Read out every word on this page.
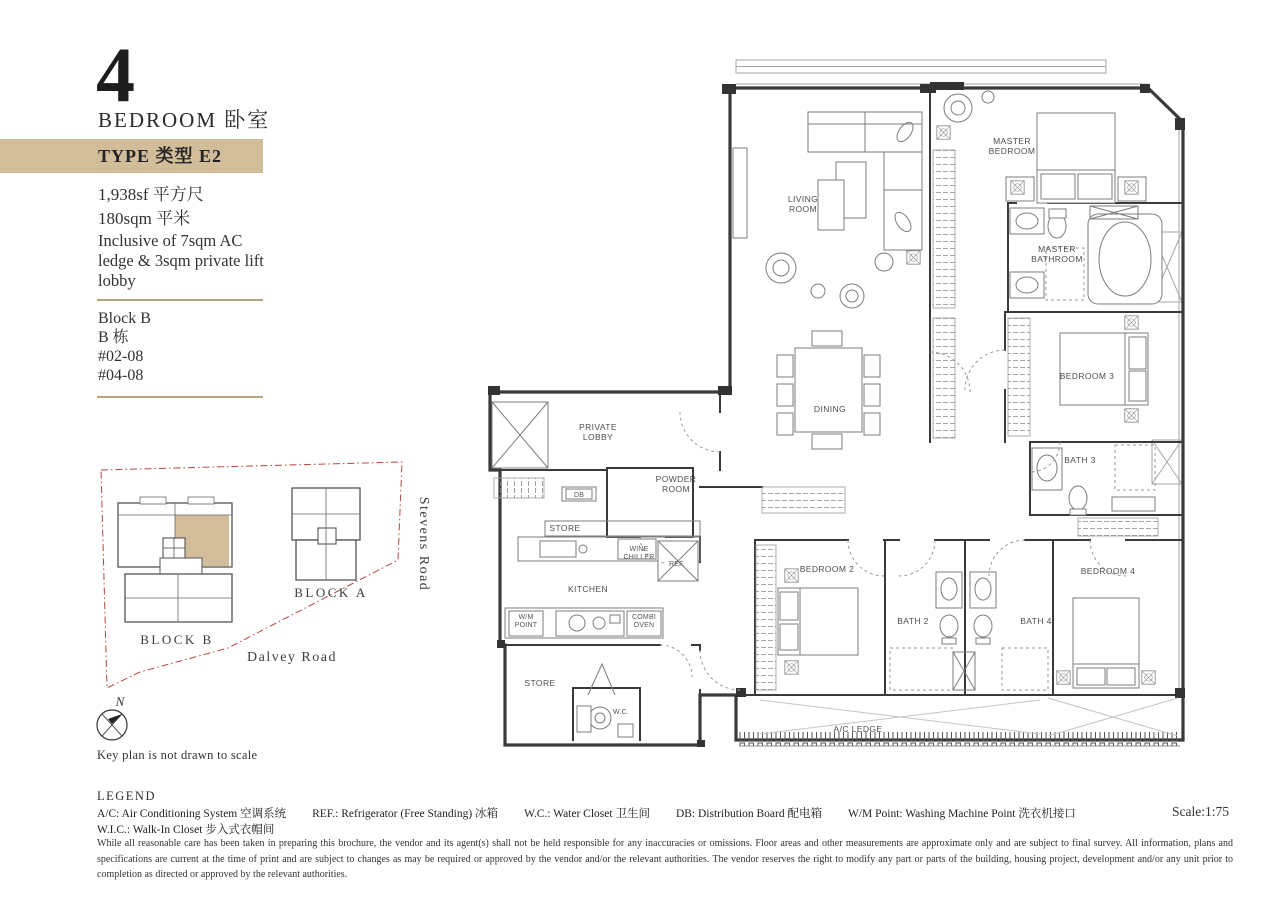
BLOCK A
BLOCK B
Dalvey Road
Stevens Road
N
Key plan is not drawn to scale
LIVING ROOM
MASTER BEDROOM
MASTER BATHROOM
BEDROOM 3
BATH 3
DINING
PRIVATE LOBBY
POWDER ROOM
DB
STORE
KITCHEN
WINE CHILLER
REF.
W/M POINT
COMBI OVEN
STORE
W.C.
BEDROOM 2
BATH 2	BATH 4
BEDROOM 4
A/C LEDGE
4
BEDROOM 卧室
TYPE 类型 E2
1,938sf 平方尺
180sqm 平米
Inclusive of 7sqm AC ledge & 3sqm private lift lobby
Block B
B 栋
#02-08
#04-08
LEGEND
A/C: Air Conditioning System 空调系统 REF.: Refrigerator (Free Standing) 冰箱 W.C.: Water Closet 卫生间 DB: Distribution Board 配电箱 W/M Point: Washing Machine Point 洗衣机接口W.I.C.: Walk-In Closet 步入式衣帽间
Scale:1:75
While all reasonable care has been taken in preparing this brochure, the vendor and its agent(s) shall not be held responsible for any inaccuracies or omissions. Floor areas and other measurements are approximate only and are subject to final survey. All information, plans and specifications are current at the time of print and are subject to changes as may be required or approved by the vendor and/or the relevant authorities. The vendor reserves the right to modify any part or parts of the building, housing project, development and/or any unit prior to completion as directed or approved by the relevant authorities.
